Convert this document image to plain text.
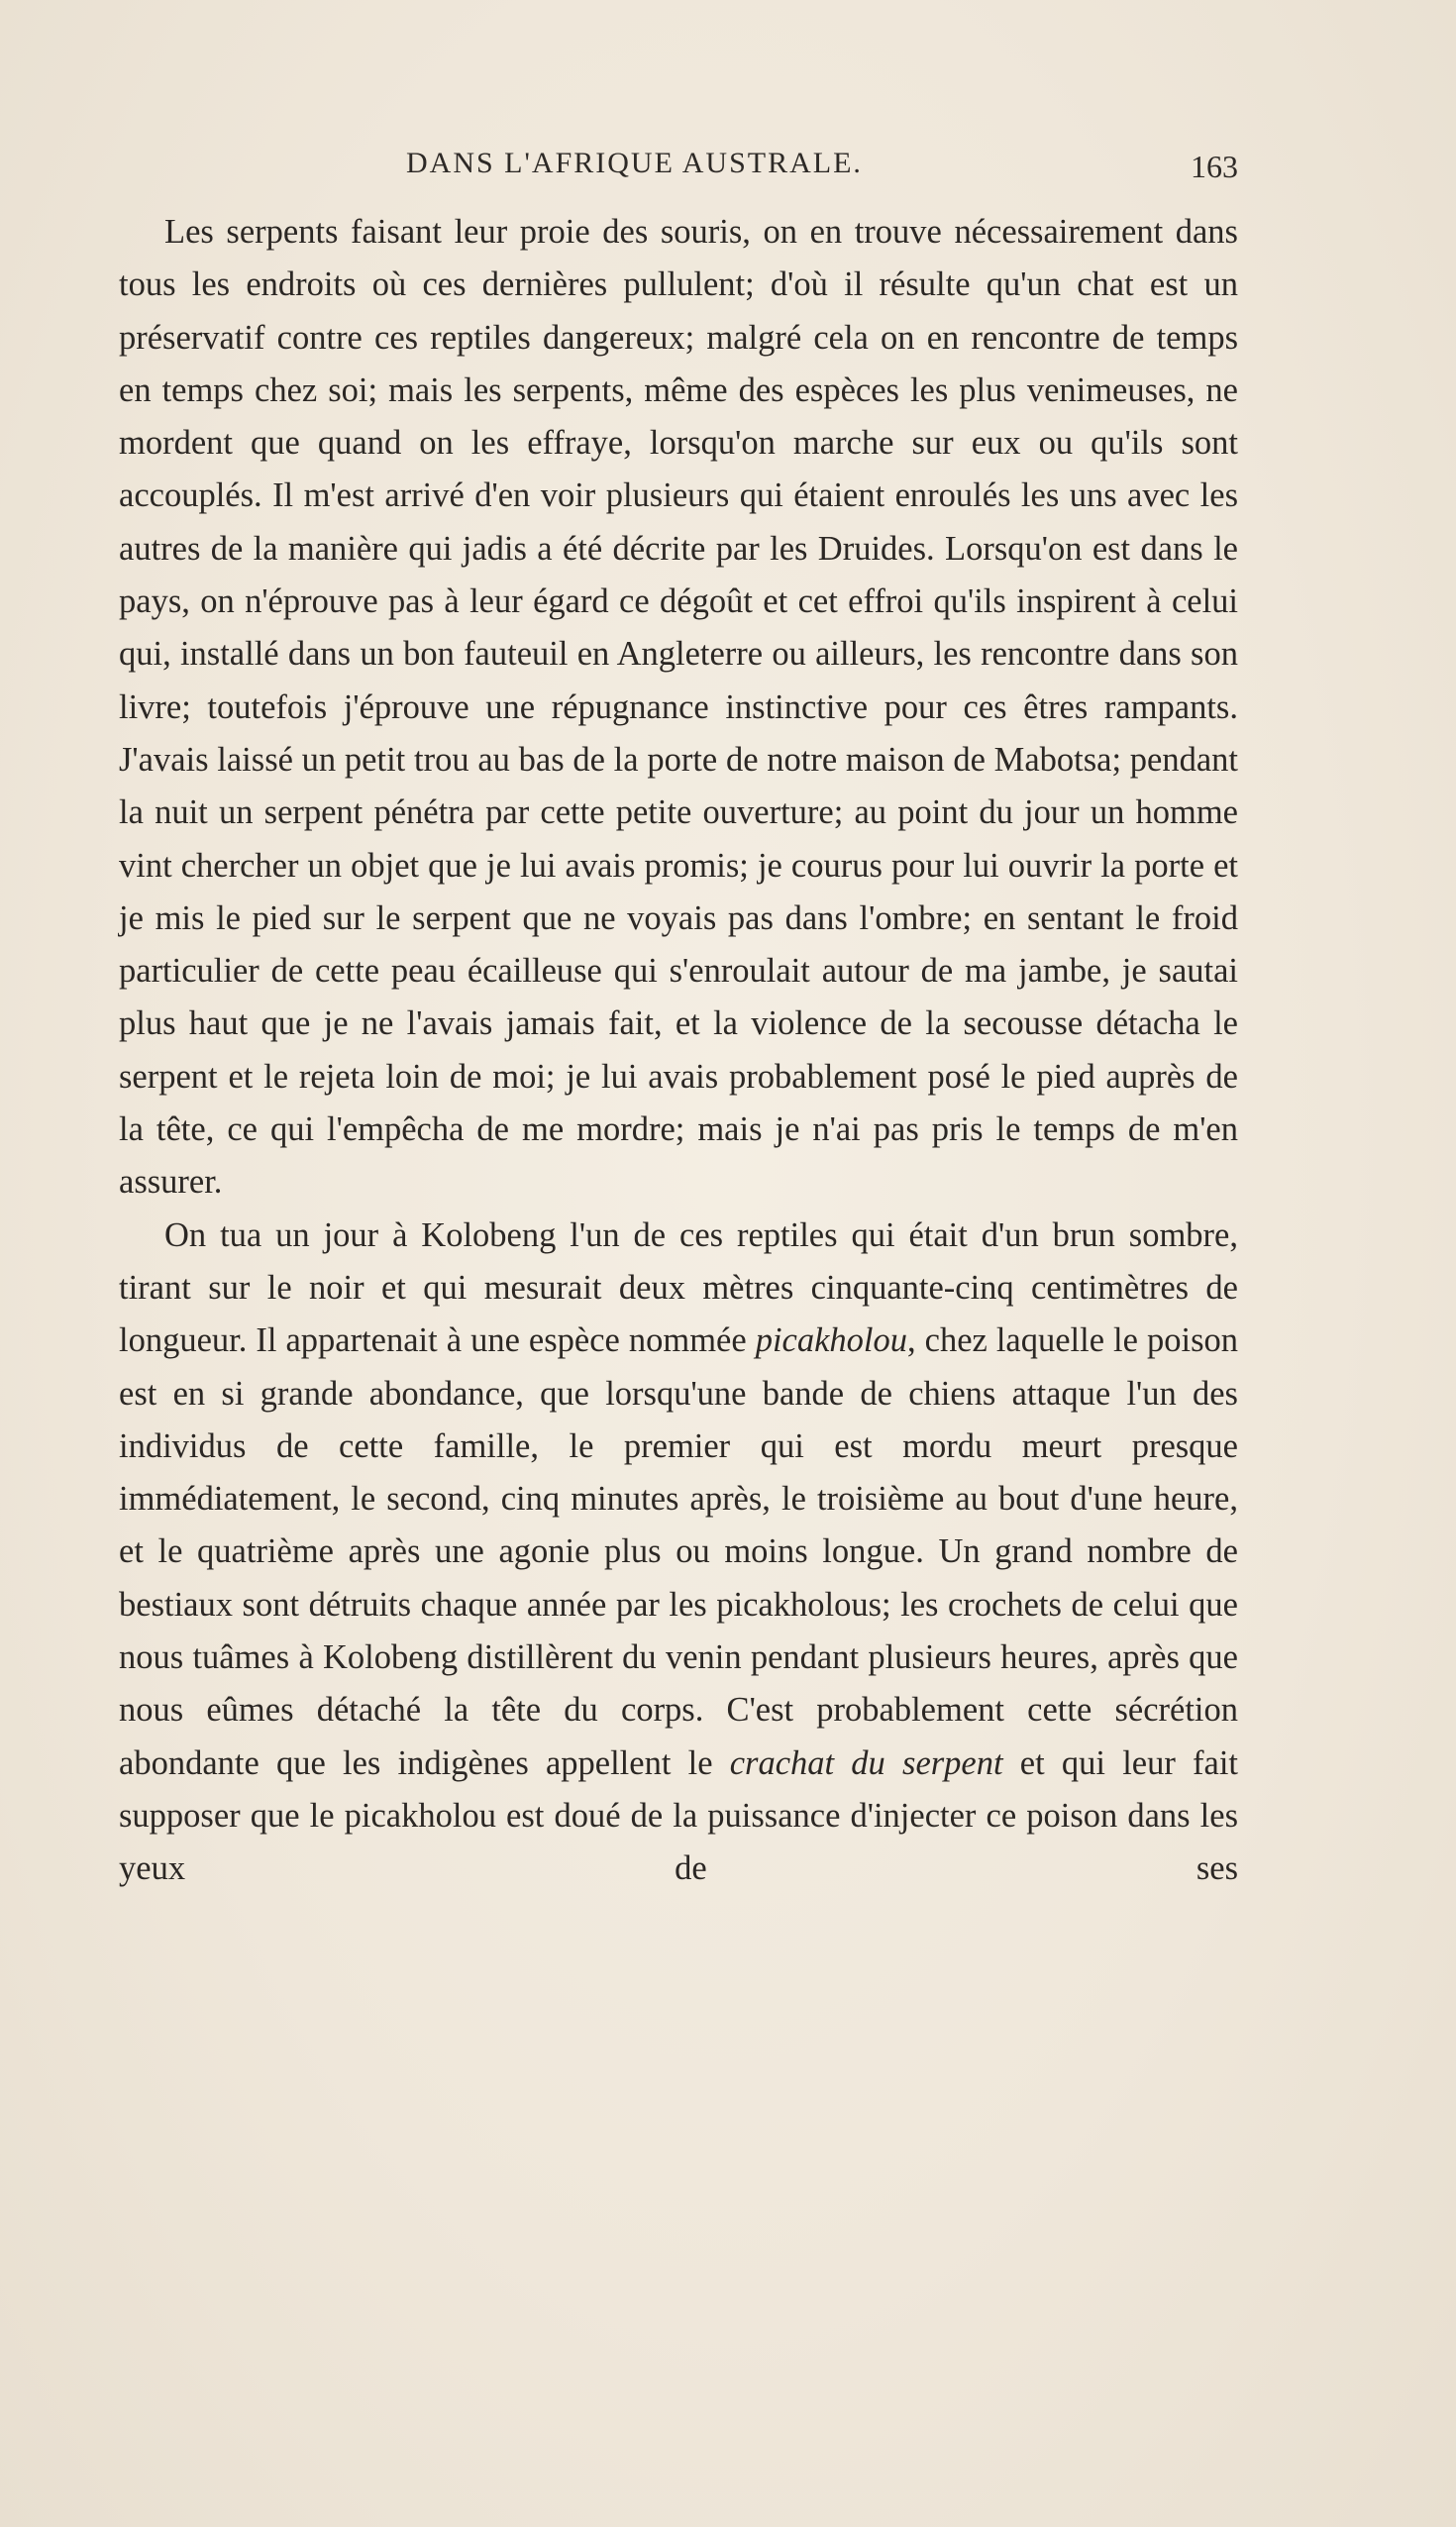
DANS L'AFRIQUE AUSTRALE.	163

Les serpents faisant leur proie des souris, on en trouve nécessairement dans tous les endroits où ces dernières pullulent; d'où il résulte qu'un chat est un préservatif contre ces reptiles dangereux; malgré cela on en rencontre de temps en temps chez soi; mais les serpents, même des espèces les plus venimeuses, ne mordent que quand on les effraye, lorsqu'on marche sur eux ou qu'ils sont accouplés. Il m'est arrivé d'en voir plusieurs qui étaient enroulés les uns avec les autres de la manière qui jadis a été décrite par les Druides. Lorsqu'on est dans le pays, on n'éprouve pas à leur égard ce dégoût et cet effroi qu'ils inspirent à celui qui, installé dans un bon fauteuil en Angleterre ou ailleurs, les rencontre dans son livre; toutefois j'éprouve une répugnance instinctive pour ces êtres rampants. J'avais laissé un petit trou au bas de la porte de notre maison de Mabotsa; pendant la nuit un serpent pénétra par cette petite ouverture; au point du jour un homme vint chercher un objet que je lui avais promis; je courus pour lui ouvrir la porte et je mis le pied sur le serpent que ne voyais pas dans l'ombre; en sentant le froid particulier de cette peau écailleuse qui s'enroulait autour de ma jambe, je sautai plus haut que je ne l'avais jamais fait, et la violence de la secousse détacha le serpent et le rejeta loin de moi; je lui avais probablement posé le pied auprès de la tête, ce qui l'empêcha de me mordre; mais je n'ai pas pris le temps de m'en assurer.

On tua un jour à Kolobeng l'un de ces reptiles qui était d'un brun sombre, tirant sur le noir et qui mesurait deux mètres cinquante-cinq centimètres de longueur. Il appartenait à une espèce nommée picakholou, chez laquelle le poison est en si grande abondance, que lorsqu'une bande de chiens attaque l'un des individus de cette famille, le premier qui est mordu meurt presque immédiatement, le second, cinq minutes après, le troisième au bout d'une heure, et le quatrième après une agonie plus ou moins longue. Un grand nombre de bestiaux sont détruits chaque année par les picakholous; les crochets de celui que nous tuâmes à Kolobeng distillèrent du venin pendant plusieurs heures, après que nous eûmes détaché la tête du corps. C'est probablement cette sécrétion abondante que les indigènes appellent le crachat du serpent et qui leur fait supposer que le picakholou est doué de la puissance d'injecter ce poison dans les yeux de ses
